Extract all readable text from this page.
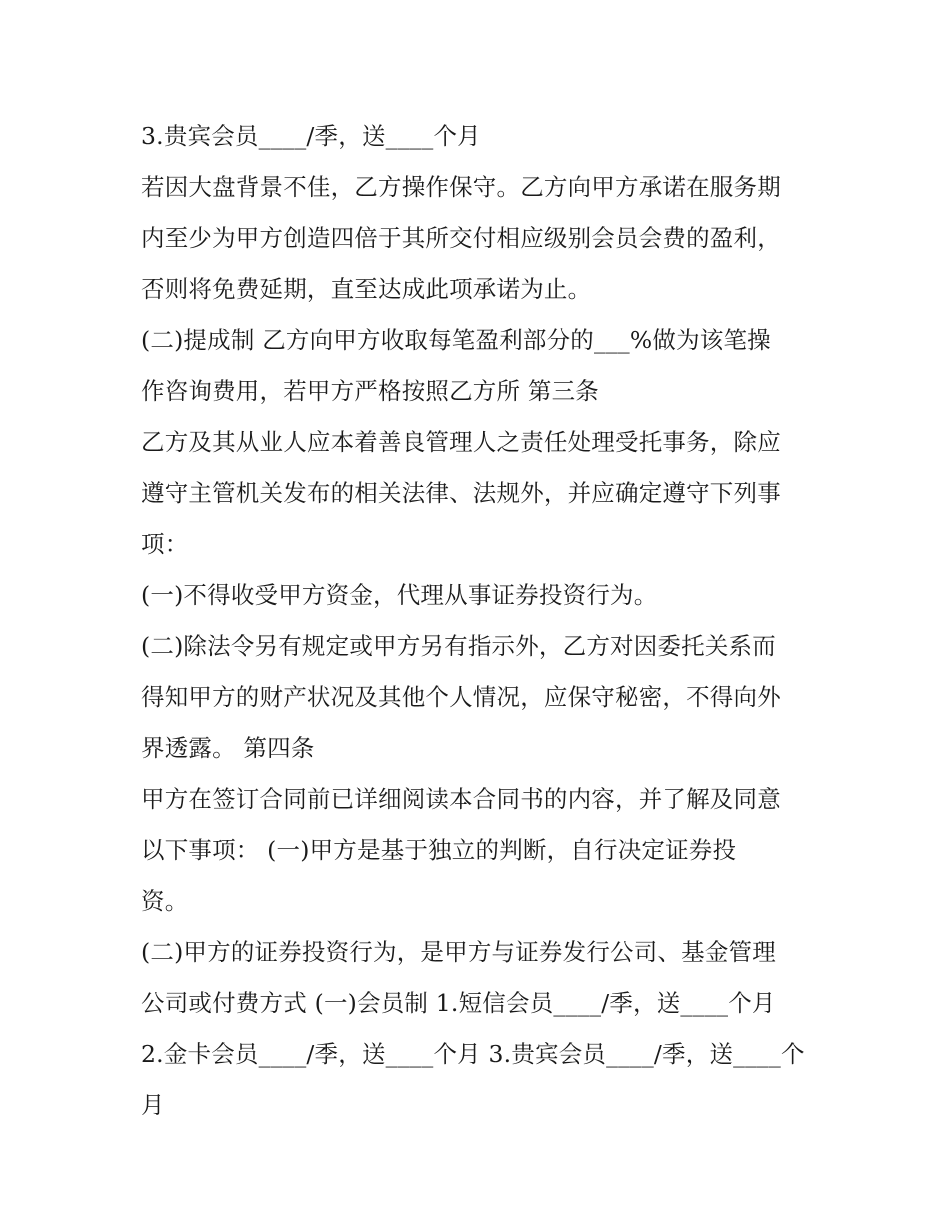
3.贵宾会员____/季，送____个月
若因大盘背景不佳，乙方操作保守。乙方向甲方承诺在服务期
内至少为甲方创造四倍于其所交付相应级别会员会费的盈利，
否则将免费延期，直至达成此项承诺为止。
(二)提成制 乙方向甲方收取每笔盈利部分的___%做为该笔操
作咨询费用，若甲方严格按照乙方所 第三条
乙方及其从业人应本着善良管理人之责任处理受托事务，除应
遵守主管机关发布的相关法律、法规外，并应确定遵守下列事
项：
(一)不得收受甲方资金，代理从事证券投资行为。
(二)除法令另有规定或甲方另有指示外，乙方对因委托关系而
得知甲方的财产状况及其他个人情况，应保守秘密，不得向外
界透露。 第四条
甲方在签订合同前已详细阅读本合同书的内容，并了解及同意
以下事项： (一)甲方是基于独立的判断，自行决定证券投
资。
(二)甲方的证券投资行为，是甲方与证券发行公司、基金管理
公司或付费方式 (一)会员制 1.短信会员____/季，送____个月
2.金卡会员____/季，送____个月 3.贵宾会员____/季，送____个
月
